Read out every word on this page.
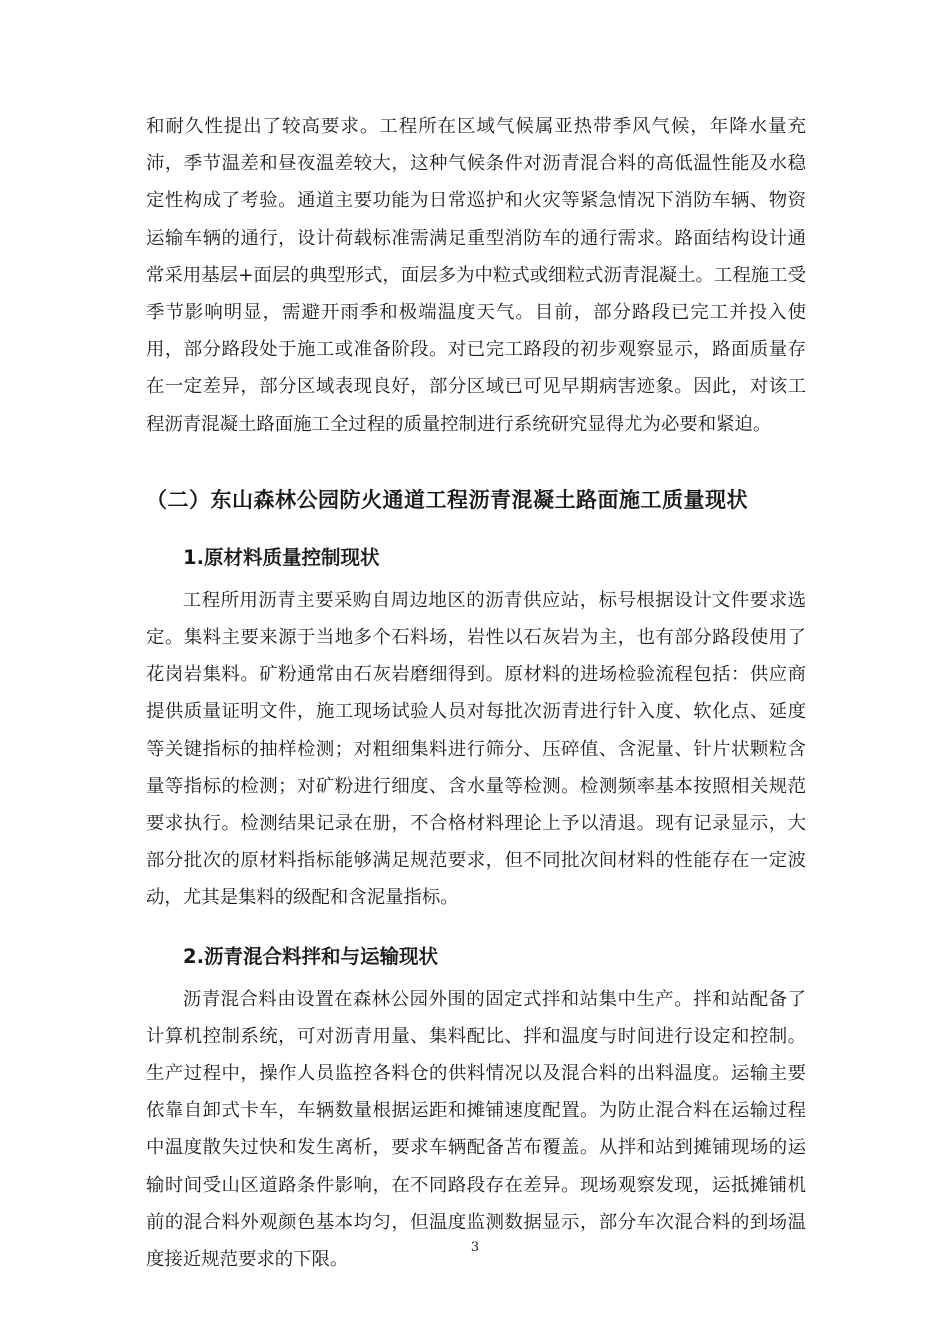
和耐久性提出了较高要求。工程所在区域气候属亚热带季风气候，年降水量充沛，季节温差和昼夜温差较大，这种气候条件对沥青混合料的高低温性能及水稳定性构成了考验。通道主要功能为日常巡护和火灾等紧急情况下消防车辆、物资运输车辆的通行，设计荷载标准需满足重型消防车的通行需求。路面结构设计通常采用基层+面层的典型形式，面层多为中粒式或细粒式沥青混凝土。工程施工受季节影响明显，需避开雨季和极端温度天气。目前，部分路段已完工并投入使用，部分路段处于施工或准备阶段。对已完工路段的初步观察显示，路面质量存在一定差异，部分区域表现良好，部分区域已可见早期病害迹象。因此，对该工程沥青混凝土路面施工全过程的质量控制进行系统研究显得尤为必要和紧迫。

（二）东山森林公园防火通道工程沥青混凝土路面施工质量现状
1.原材料质量控制现状

工程所用沥青主要采购自周边地区的沥青供应站，标号根据设计文件要求选定。集料主要来源于当地多个石料场，岩性以石灰岩为主，也有部分路段使用了花岗岩集料。矿粉通常由石灰岩磨细得到。原材料的进场检验流程包括：供应商提供质量证明文件，施工现场试验人员对每批次沥青进行针入度、软化点、延度等关键指标的抽样检测；对粗细集料进行筛分、压碎值、含泥量、针片状颗粒含量等指标的检测；对矿粉进行细度、含水量等检测。检测频率基本按照相关规范要求执行。检测结果记录在册，不合格材料理论上予以清退。现有记录显示，大部分批次的原材料指标能够满足规范要求，但不同批次间材料的性能存在一定波动，尤其是集料的级配和含泥量指标。

2.沥青混合料拌和与运输现状

沥青混合料由设置在森林公园外围的固定式拌和站集中生产。拌和站配备了计算机控制系统，可对沥青用量、集料配比、拌和温度与时间进行设定和控制。生产过程中，操作人员监控各料仓的供料情况以及混合料的出料温度。运输主要依靠自卸式卡车，车辆数量根据运距和摊铺速度配置。为防止混合料在运输过程中温度散失过快和发生离析，要求车辆配备苫布覆盖。从拌和站到摊铺现场的运输时间受山区道路条件影响，在不同路段存在差异。现场观察发现，运抵摊铺机前的混合料外观颜色基本均匀，但温度监测数据显示，部分车次混合料的到场温度接近规范要求的下限。

3
